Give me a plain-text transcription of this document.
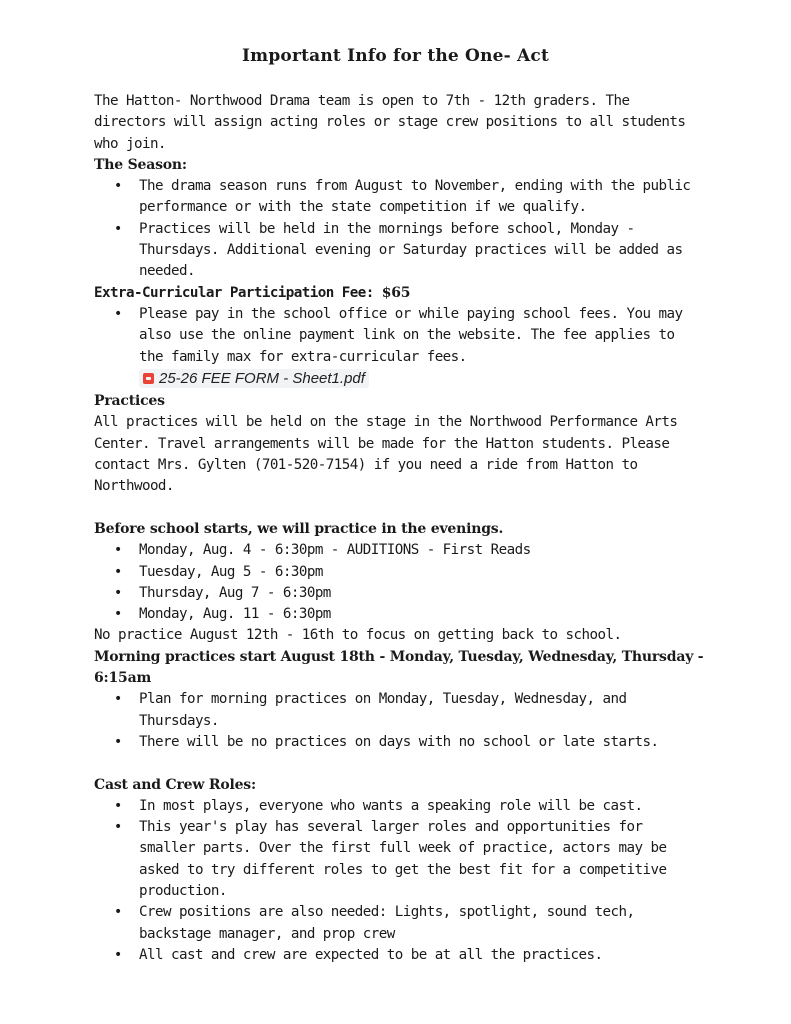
Important Info for the One- Act

The Hatton- Northwood Drama team is open to 7th - 12th graders. The directors will assign acting roles or stage crew positions to all students who join.

The Season:

• The drama season runs from August to November, ending with the public performance or with the state competition if we qualify.
• Practices will be held in the mornings before school, Monday - Thursdays. Additional evening or Saturday practices will be added as needed.

Extra-Curricular Participation Fee: $65

• Please pay in the school office or while paying school fees. You may also use the online payment link on the website. The fee applies to the family max for extra-curricular fees.
25-26 FEE FORM - Sheet1.pdf

Practices

All practices will be held on the stage in the Northwood Performance Arts Center. Travel arrangements will be made for the Hatton students. Please contact Mrs. Gylten (701-520-7154) if you need a ride from Hatton to Northwood.

Before school starts, we will practice in the evenings.

• Monday, Aug. 4 - 6:30pm - AUDITIONS - First Reads
• Tuesday, Aug 5 - 6:30pm
• Thursday, Aug 7 - 6:30pm
• Monday, Aug. 11 - 6:30pm

No practice August 12th - 16th to focus on getting back to school.

Morning practices start August 18th - Monday, Tuesday, Wednesday, Thursday - 6:15am

• Plan for morning practices on Monday, Tuesday, Wednesday, and Thursdays.
• There will be no practices on days with no school or late starts.

Cast and Crew Roles:

• In most plays, everyone who wants a speaking role will be cast.
• This year's play has several larger roles and opportunities for smaller parts. Over the first full week of practice, actors may be asked to try different roles to get the best fit for a competitive production.
• Crew positions are also needed: Lights, spotlight, sound tech, backstage manager, and prop crew
• All cast and crew are expected to be at all the practices.
